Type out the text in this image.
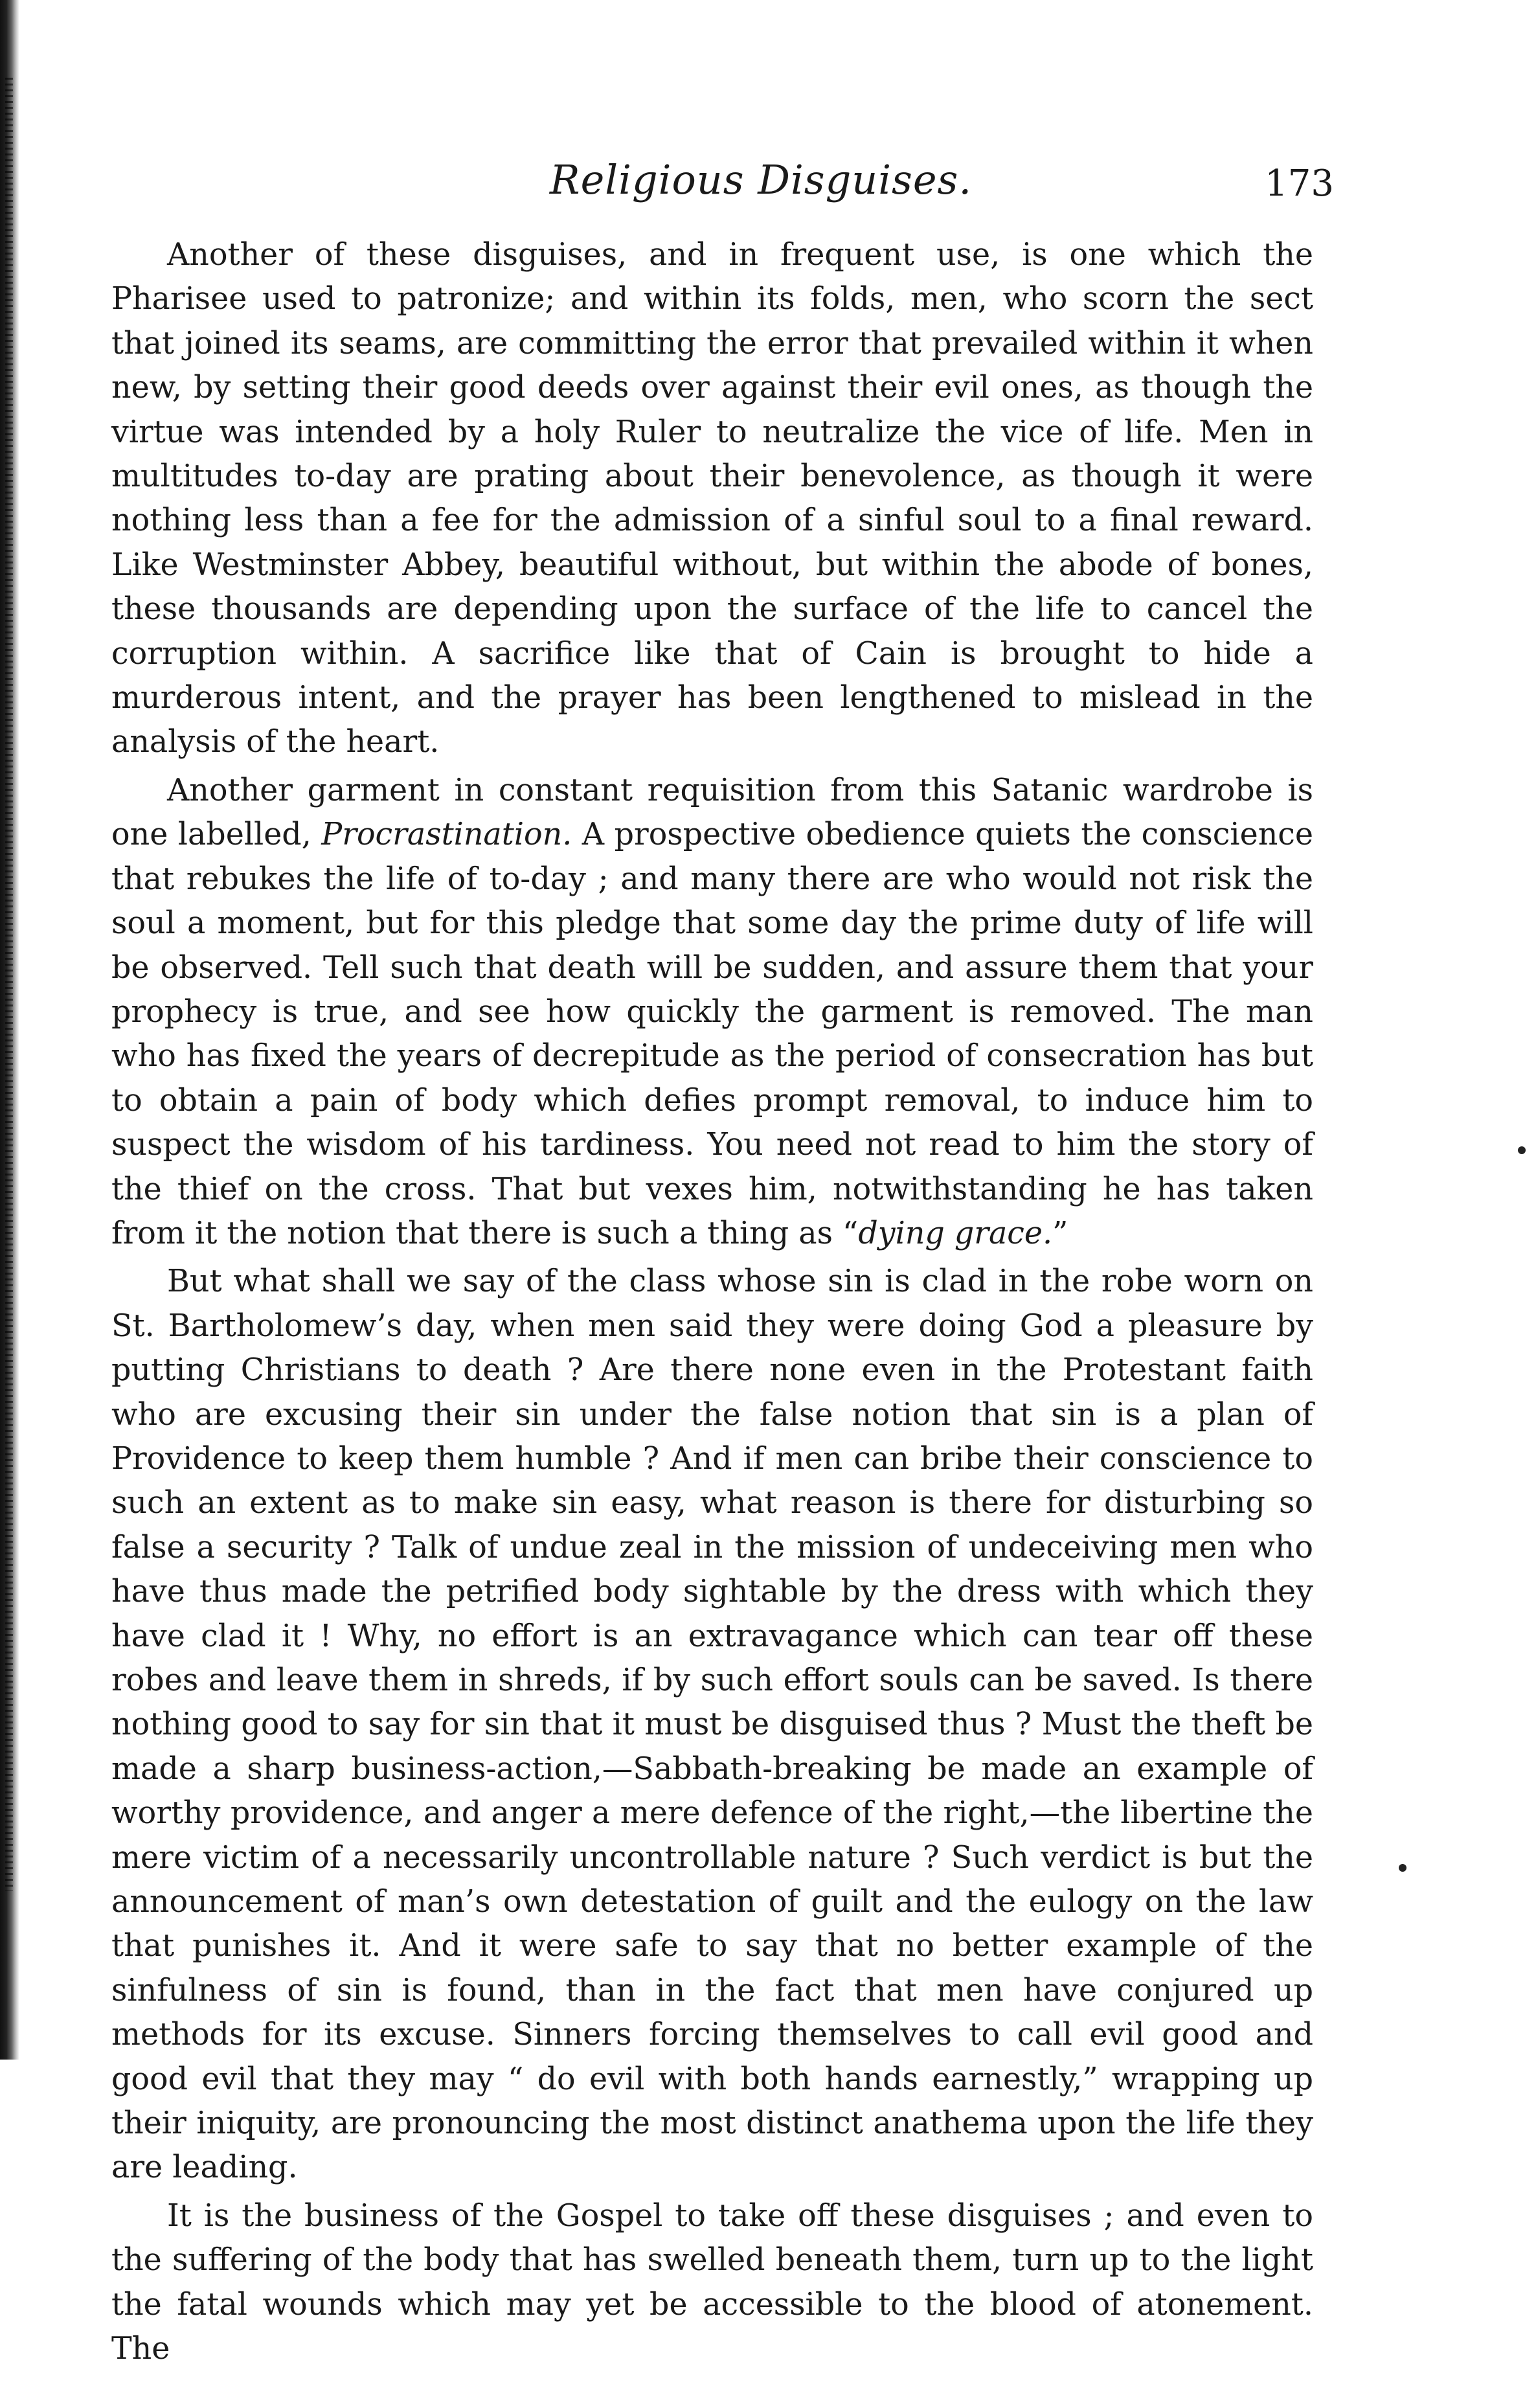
Religious Disguises.	173

Another of these disguises, and in frequent use, is one which the Pharisee used to patronize; and within its folds, men, who scorn the sect that joined its seams, are committing the error that prevailed within it when new, by setting their good deeds over against their evil ones, as though the virtue was intended by a holy Ruler to neutralize the vice of life. Men in multitudes to-day are prating about their benevolence, as though it were nothing less than a fee for the admission of a sinful soul to a final reward. Like Westminster Abbey, beautiful without, but within the abode of bones, these thousands are depending upon the surface of the life to cancel the corruption within. A sacrifice like that of Cain is brought to hide a murderous intent, and the prayer has been lengthened to mislead in the analysis of the heart.

Another garment in constant requisition from this Satanic wardrobe is one labelled, Procrastination. A prospective obedience quiets the conscience that rebukes the life of to-day ; and many there are who would not risk the soul a moment, but for this pledge that some day the prime duty of life will be observed. Tell such that death will be sudden, and assure them that your prophecy is true, and see how quickly the garment is removed. The man who has fixed the years of decrepitude as the period of consecration has but to obtain a pain of body which defies prompt removal, to induce him to suspect the wisdom of his tardiness. You need not read to him the story of the thief on the cross. That but vexes him, notwithstanding he has taken from it the notion that there is such a thing as “dying grace.”

But what shall we say of the class whose sin is clad in the robe worn on St. Bartholomew’s day, when men said they were doing God a pleasure by putting Christians to death ? Are there none even in the Protestant faith who are excusing their sin under the false notion that sin is a plan of Providence to keep them humble ? And if men can bribe their conscience to such an extent as to make sin easy, what reason is there for disturbing so false a security ? Talk of undue zeal in the mission of undeceiving men who have thus made the petrified body sightable by the dress with which they have clad it ! Why, no effort is an extravagance which can tear off these robes and leave them in shreds, if by such effort souls can be saved. Is there nothing good to say for sin that it must be disguised thus ? Must the theft be made a sharp business-action,—Sabbath-breaking be made an example of worthy providence, and anger a mere defence of the right,—the libertine the mere victim of a necessarily uncontrollable nature ? Such verdict is but the announcement of man’s own detestation of guilt and the eulogy on the law that punishes it. And it were safe to say that no better example of the sinfulness of sin is found, than in the fact that men have conjured up methods for its excuse. Sinners forcing themselves to call evil good and good evil that they may “ do evil with both hands earnestly,” wrapping up their iniquity, are pronouncing the most distinct anathema upon the life they are leading.

It is the business of the Gospel to take off these disguises ; and even to the suffering of the body that has swelled beneath them, turn up to the light the fatal wounds which may yet be accessible to the blood of atonement. The
